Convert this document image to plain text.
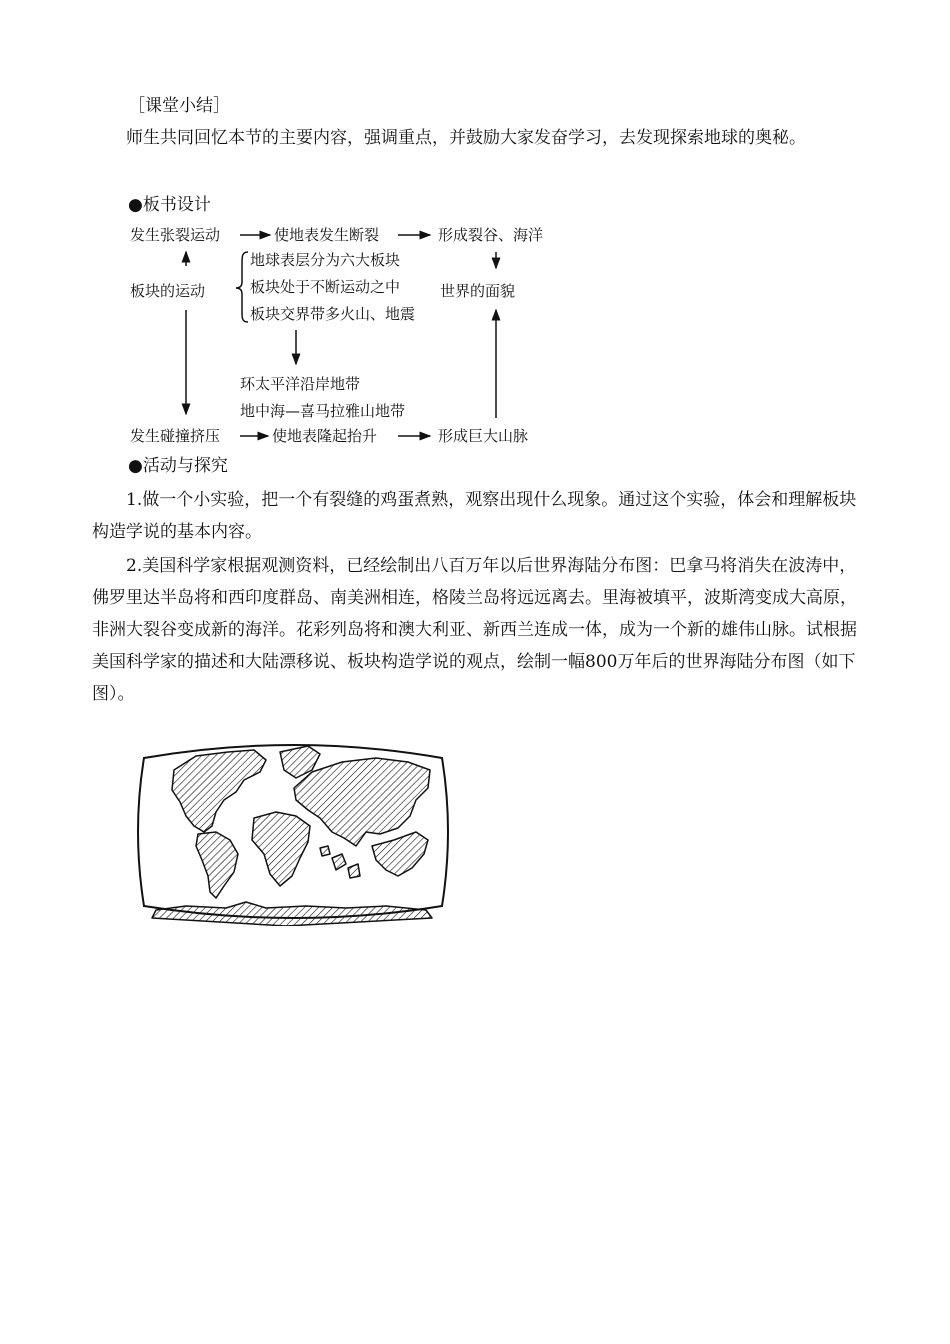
［课堂小结］
师生共同回忆本节的主要内容，强调重点，并鼓励大家发奋学习，去发现探索地球的奥秘。
●板书设计
发生张裂运动	使地表发生断裂	形成裂谷、海洋
板块的运动
地球表层分为六大板块
板块处于不断运动之中
板块交界带多火山、地震
世界的面貌
环太平洋沿岸地带
地中海—喜马拉雅山地带
发生碰撞挤压	使地表隆起抬升	形成巨大山脉
●活动与探究
1.做一个小实验，把一个有裂缝的鸡蛋煮熟，观察出现什么现象。通过这个实验，体会和理解板块构造学说的基本内容。
2.美国科学家根据观测资料，已经绘制出八百万年以后世界海陆分布图：巴拿马将消失在波涛中，佛罗里达半岛将和西印度群岛、南美洲相连，格陵兰岛将远远离去。里海被填平，波斯湾变成大高原，非洲大裂谷变成新的海洋。花彩列岛将和澳大利亚、新西兰连成一体，成为一个新的雄伟山脉。试根据美国科学家的描述和大陆漂移说、板块构造学说的观点，绘制一幅800万年后的世界海陆分布图（如下图）。
